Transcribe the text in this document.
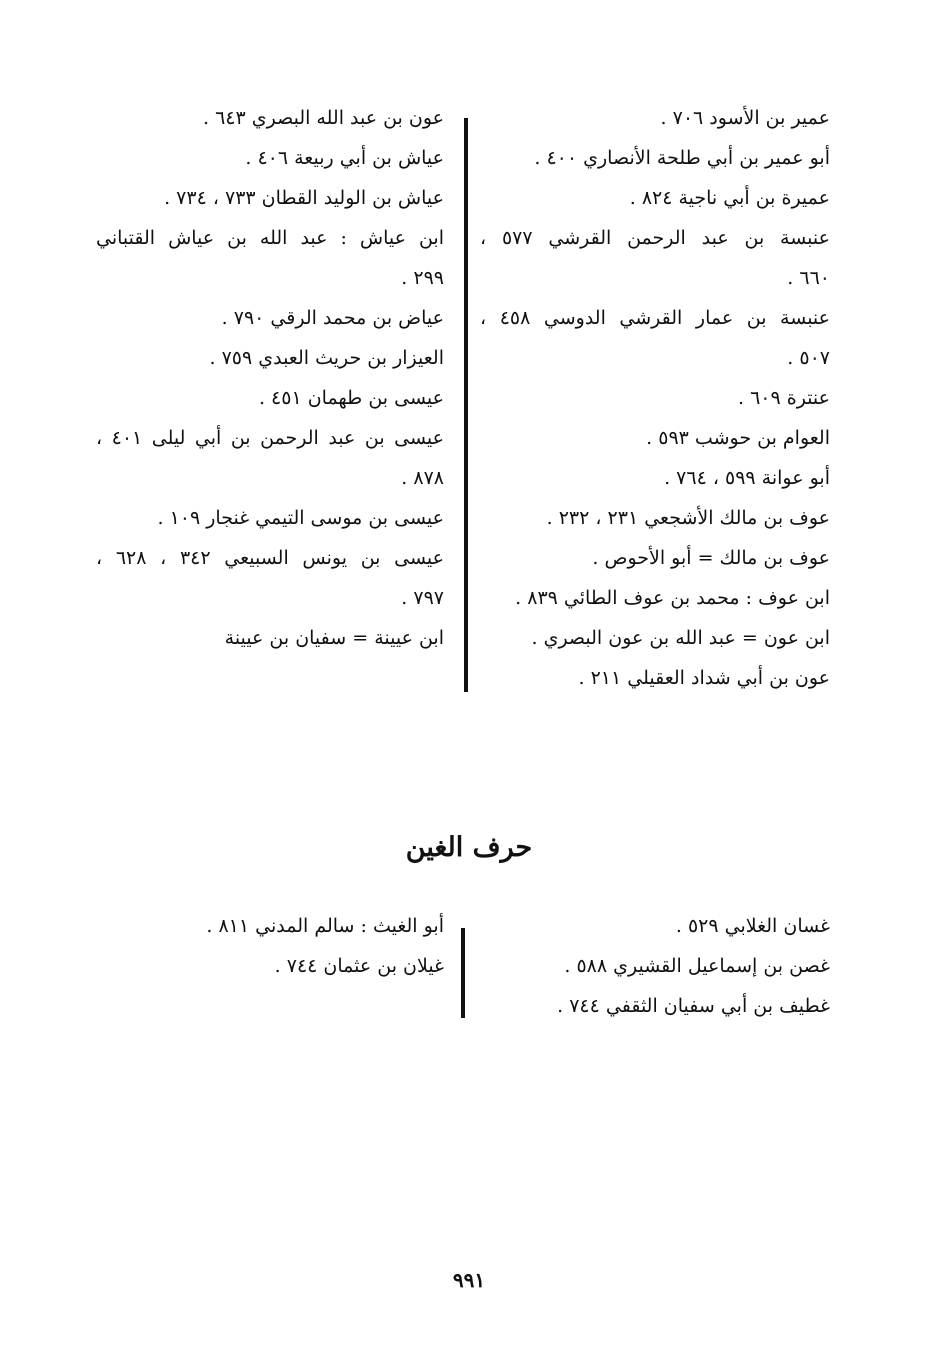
عمير بن الأسود ٧٠٦ .

أبو عمير بن أبي طلحة الأنصاري ٤٠٠ .

عميرة بن أبي ناجية ٨٢٤ .

عنبسة بن عبد الرحمن القرشي ٥٧٧ ،

٦٦٠ .

عنبسة بن عمار القرشي الدوسي ٤٥٨ ،

٥٠٧ .

عنترة ٦٠٩ .

العوام بن حوشب ٥٩٣ .

أبو عوانة ٥٩٩ ، ٧٦٤ .

عوف بن مالك الأشجعي ٢٣١ ، ٢٣٢ .

عوف بن مالك = أبو الأحوص .

ابن عوف : محمد بن عوف الطائي ٨٣٩ .

ابن عون = عبد الله بن عون البصري .

عون بن أبي شداد العقيلي ٢١١ .

عون بن عبد الله البصري ٦٤٣ .

عياش بن أبي ربيعة ٤٠٦ .

عياش بن الوليد القطان ٧٣٣ ، ٧٣٤ .

ابن عياش : عبد الله بن عياش القتباني

٢٩٩ .

عياض بن محمد الرقي ٧٩٠ .

العيزار بن حريث العبدي ٧٥٩ .

عيسى بن طهمان ٤٥١ .

عيسى بن عبد الرحمن بن أبي ليلى ٤٠١ ،

٨٧٨ .

عيسى بن موسى التيمي غنجار ١٠٩ .

عيسى بن يونس السبيعي ٣٤٢ ، ٦٢٨ ،

٧٩٧ .

ابن عيينة = سفيان بن عيينة

حرف الغين

غسان الغلابي ٥٢٩ .

غصن بن إسماعيل القشيري ٥٨٨ .

غطيف بن أبي سفيان الثقفي ٧٤٤ .

أبو الغيث : سالم المدني ٨١١ .

غيلان بن عثمان ٧٤٤ .

٩٩١
